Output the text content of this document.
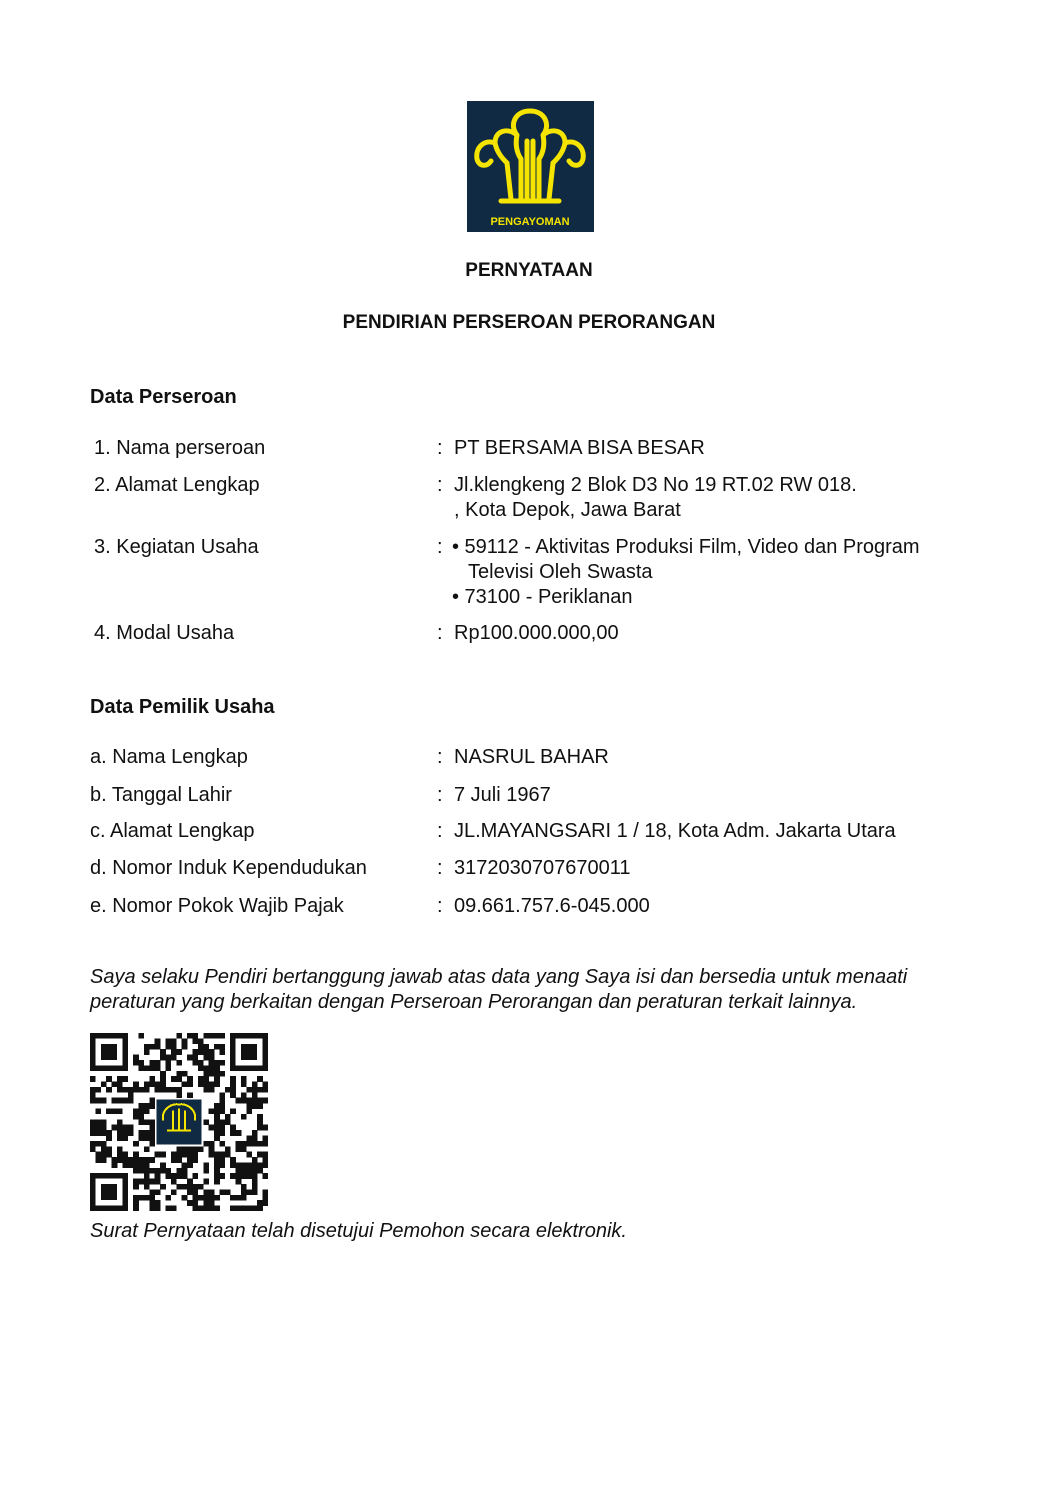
PENGAYOMAN
PERNYATAAN
PENDIRIAN PERSEROAN PERORANGAN
Data Perseroan
1. Nama perseroan	: PT BERSAMA BISA BESAR
2. Alamat Lengkap	: Jl.klengkeng 2 Blok D3 No 19 RT.02 RW 018.
, Kota Depok, Jawa Barat
3. Kegiatan Usaha	: • 59112 - Aktivitas Produksi Film, Video dan Program
Televisi Oleh Swasta
• 73100 - Periklanan
4. Modal Usaha	: Rp100.000.000,00
Data Pemilik Usaha
a. Nama Lengkap	: NASRUL BAHAR
b. Tanggal Lahir	: 7 Juli 1967
c. Alamat Lengkap	: JL.MAYANGSARI 1 / 18, Kota Adm. Jakarta Utara
d. Nomor Induk Kependudukan	: 3172030707670011
e. Nomor Pokok Wajib Pajak	: 09.661.757.6-045.000
Saya selaku Pendiri bertanggung jawab atas data yang Saya isi dan bersedia untuk menaati peraturan yang berkaitan dengan Perseroan Perorangan dan peraturan terkait lainnya.
Surat Pernyataan telah disetujui Pemohon secara elektronik.
